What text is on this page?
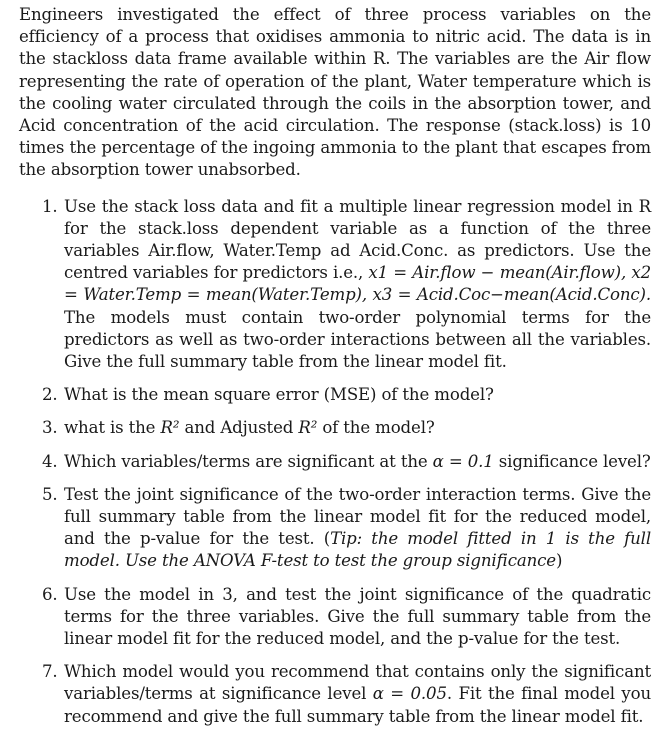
Engineers investigated the effect of three process variables on the efficiency of a process that oxidises ammonia to nitric acid. The data is in the stackloss data frame available within R. The variables are the Air flow representing the rate of operation of the plant, Water temperature which is the cooling water circulated through the coils in the absorption tower, and Acid concentration of the acid circulation. The response (stack.loss) is 10 times the percentage of the ingoing ammonia to the plant that escapes from the absorption tower unabsorbed.

1. Use the stack loss data and fit a multiple linear regression model in R for the stack.loss dependent variable as a function of the three variables Air.flow, Water.Temp ad Acid.Conc. as predictors. Use the centred variables for predictors i.e., x1 = Air.flow − mean(Air.flow), x2 = Water.Temp = mean(Water.Temp), x3 = Acid.Coc−mean(Acid.Conc). The models must contain two-order polynomial terms for the predictors as well as two-order interactions between all the variables. Give the full summary table from the linear model fit.
2. What is the mean square error (MSE) of the model?
3. what is the R² and Adjusted R² of the model?
4. Which variables/terms are significant at the α = 0.1 significance level?
5. Test the joint significance of the two-order interaction terms. Give the full summary table from the linear model fit for the reduced model, and the p-value for the test. (Tip: the model fitted in 1 is the full model. Use the ANOVA F-test to test the group significance)
6. Use the model in 3, and test the joint significance of the quadratic terms for the three variables. Give the full summary table from the linear model fit for the reduced model, and the p-value for the test.
7. Which model would you recommend that contains only the significant variables/terms at significance level α = 0.05. Fit the final model you recommend and give the full summary table from the linear model fit.
